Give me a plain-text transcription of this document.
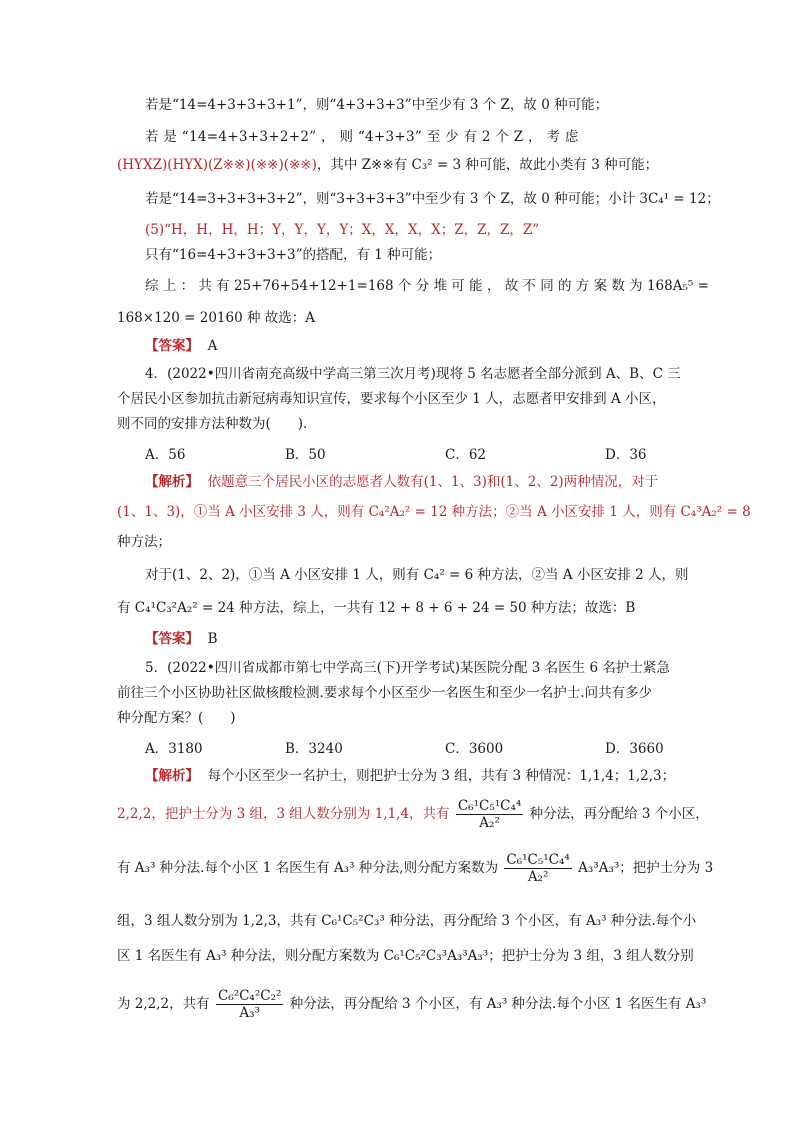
若是“14=4+3+3+3+1”，则“4+3+3+3”中至少有 3 个 Z，故 0 种可能；
若 是 “14=4+3+3+2+2” ， 则 “4+3+3” 至 少 有 2 个 Z ， 考 虑
(HYXZ)(HYX)(Z※※)(※※)(※※)，其中 Z※※有 C₃² = 3 种可能，故此小类有 3 种可能；
若是“14=3+3+3+3+2”，则“3+3+3+3”中至少有 3 个 Z，故 0 种可能；小计 3C₄¹ = 12；
(5)“H，H，H，H；Y，Y，Y，Y；X，X，X，X；Z，Z，Z，Z”
只有“16=4+3+3+3+3”的搭配，有 1 种可能；
综 上 ： 共 有 25+76+54+12+1=168 个 分 堆 可 能 ， 故 不 同 的 方 案 数 为 168A₅⁵ =
168×120 = 20160 种 故选：A
【答案】 A
4．(2022•四川省南充高级中学高三第三次月考)现将 5 名志愿者全部分派到 A、B、C 三
个居民小区参加抗击新冠病毒知识宣传，要求每个小区至少 1 人，志愿者甲安排到 A 小区，
则不同的安排方法种数为(　　).
A．56	B．50	C．62	D．36
【解析】 依题意三个居民小区的志愿者人数有(1、1、3)和(1、2、2)两种情况，对于
(1、1、3)，①当 A 小区安排 3 人，则有 C₄²A₂² = 12 种方法；②当 A 小区安排 1 人，则有 C₄³A₂² = 8
种方法；
对于(1、2、2)，①当 A 小区安排 1 人，则有 C₄² = 6 种方法，②当 A 小区安排 2 人，则
有 C₄¹C₃²A₂² = 24 种方法，综上，一共有 12 + 8 + 6 + 24 = 50 种方法；故选：B
【答案】 B
5．(2022•四川省成都市第七中学高三(下)开学考试)某医院分配 3 名医生 6 名护士紧急
前往三个小区协助社区做核酸检测.要求每个小区至少一名医生和至少一名护士.问共有多少
种分配方案？(　　)
A．3180	B．3240	C．3600	D．3660
【解析】 每个小区至少一名护士，则把护士分为 3 组，共有 3 种情况：1,1,4；1,2,3；
2,2,2，把护士分为 3 组，3 组人数分别为 1,1,4，共有 $\frac{\text{C₆¹C₅¹C₄⁴}}{\text{A₂²}}$ 种分法，再分配给 3 个小区，
有 A₃³ 种分法.每个小区 1 名医生有 A₃³ 种分法,则分配方案数为 $\frac{\text{C₆¹C₅¹C₄⁴}}{\text{A₂²}} A_3^3A_3^3$；把护士分为 3
组，3 组人数分别为 1,2,3，共有 C₆¹C₅²C₃³ 种分法，再分配给 3 个小区，有 A₃³ 种分法.每个小
区 1 名医生有 A₃³ 种分法，则分配方案数为 C₆¹C₅²C₃³A₃³A₃³；把护士分为 3 组，3 组人数分别
为 2,2,2，共有 $\frac{\text{C₆²C₄²C₂²}}{\text{A₃³}}$ 种分法，再分配给 3 个小区，有 A₃³ 种分法.每个小区 1 名医生有 A₃³
